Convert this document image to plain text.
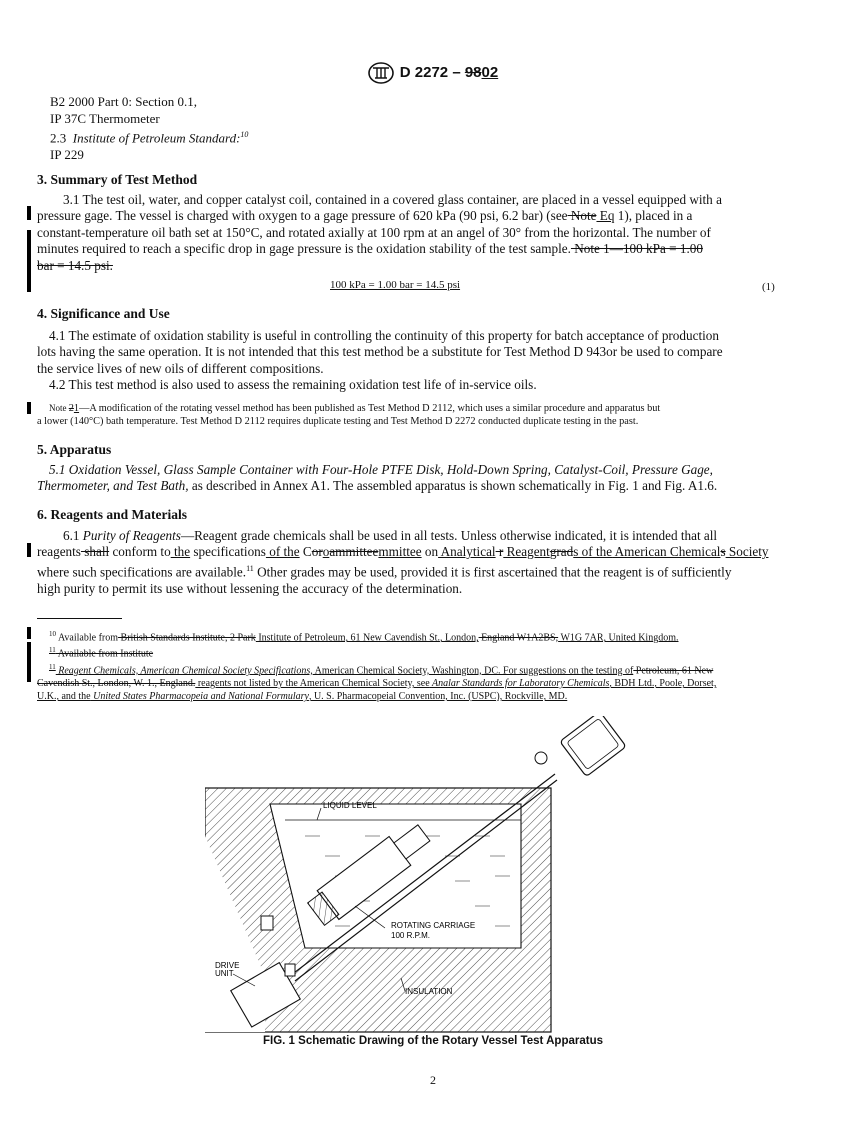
D 2272 – 9802
B2 2000 Part 0: Section 0.1,
IP 37C Thermometer
2.3 Institute of Petroleum Standard:$^{10}$
IP 229
3. Summary of Test Method
3.1 The test oil, water, and copper catalyst coil, contained in a covered glass container, are placed in a vessel equipped with a
pressure gage. The vessel is charged with oxygen to a gage pressure of 620 kPa (90 psi, 6.2 bar) (see Note Eq 1), placed in a
constant-temperature oil bath set at 150°C, and rotated axially at 100 rpm at an angel of 30° from the horizontal. The number of
minutes required to reach a specific drop in gage pressure is the oxidation stability of the test sample. Note 1—100 kPa = 1.00
bar = 14.5 psi.
100 kPa = 1.00 bar = 14.5 psi	(1)
4. Significance and Use
4.1 The estimate of oxidation stability is useful in controlling the continuity of this property for batch acceptance of production
lots having the same operation. It is not intended that this test method be a substitute for Test Method D 943or be used to compare
the service lives of new oils of different compositions.
4.2 This test method is also used to assess the remaining oxidation test life of in-service oils.
Note 21—A modification of the rotating vessel method has been published as Test Method D 2112, which uses a similar procedure and apparatus but
a lower (140°C) bath temperature. Test Method D 2112 requires duplicate testing and Test Method D 2272 conducted duplicate testing in the past.
5. Apparatus
5.1 Oxidation Vessel, Glass Sample Container with Four-Hole PTFE Disk, Hold-Down Spring, Catalyst-Coil, Pressure Gage,
Thermometer, and Test Bath, as described in Annex A1. The assembled apparatus is shown schematically in Fig. 1 and Fig. A1.6.
6. Reagents and Materials
6.1 Purity of Reagents—Reagent grade chemicals shall be used in all tests. Unless otherwise indicated, it is intended that all
reagents shall conform to the specifications of the Coroammitteemmittee on Analytical r Reagentgrads of the American Chemicals Society
where such specifications are available.$^{11}$ Other grades may be used, provided it is first ascertained that the reagent is of sufficiently
high purity to permit its use without lessening the accuracy of the determination.
$^{10}$ Available from British Standards Institute, 2 Park Institute of Petroleum, 61 New Cavendish St., London, England W1A2BS, W1G 7AR, United Kingdom.
$^{11}$ Available from Institute
$^{11}$ Reagent Chemicals, American Chemical Society Specifications, American Chemical Society, Washington, DC. For suggestions on the testing of Petroleum, 61 New
Cavendish St., London, W. 1., England. reagents not listed by the American Chemical Society, see Analar Standards for Laboratory Chemicals, BDH Ltd., Poole, Dorset,
U.K., and the United States Pharmacopeia and National Formulary, U. S. Pharmacopeial Convention, Inc. (USPC), Rockville, MD.
LIQUID LEVEL
ROTATING CARRIAGE
100 R.P.M.
DRIVE
UNIT
INSULATION
FIG. 1 Schematic Drawing of the Rotary Vessel Test Apparatus
2
